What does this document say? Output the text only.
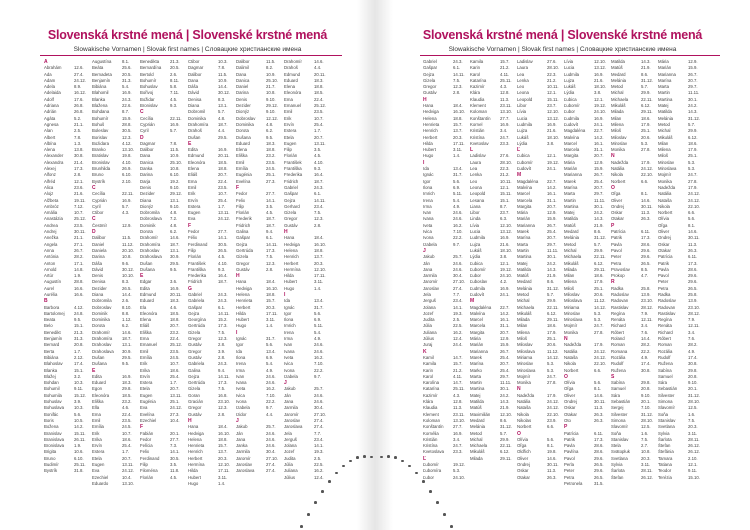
Slovenská krstné mená | Slovenské krstné mená
Slowakische Vornamen | Slovak first names | Словацкие христианские имена
A
Abrahám	12.6.
Ada	27.4.
Adam	24.12.
Adela	8.9.
Adelaida	16.12.
Adolf	17.6.
Adriana	26.8.
Adrián	26.8.
Agáta	5.2.
Agnesa	21.1.
Alan	2.5.
Albert	7.8.
Albína	1.3.
Alena	13.8.
Alexander 30.8.
Alexandra 21.4.
Alexej	17.3.
Alfonz	2.8.
Alfréd	12.1.
Alica	23.6.
Alojz	21.6.
Alžbeta	19.11.
Ambróz	7.12.
Amália	10.7.
Anastázia	25.12.
Andrea	23.5.
Andrej	30.11.
Anežka	21.1.
Angela	27.1.
Anna	26.7.
Antónia	28.2.
Anton	17.1.
Arnold	14.8.
Artúr	1.9.
Augustín	28.8.
Aurel	16.6.
Aurélia	16.6.
B
Barbora	4.12.
Bartolomej 24.8.
Beata	9.5.
Belo	15.1.
Benedikt	21.3.
Benjamín	31.3.
Bernard	20.8.
Berta	1.7.
Bibiána	2.12.
Blahoslav	17.4.
Blanka	15.1.
Blažej	3.2.
Bohdan	10.3.
Bohumil	9.11.
Bohumila	15.12.
Bohuslav	3.9.
Bohuslava 10.3.
Bonifác	5.6.
Boris	10.5.
Božena	14.2.
Branislav	15.11.
Branislava 26.11.
Bronislava 1.9.
Brigita	10.6.
Bruno	6.10.
Budimír	25.11.
Bystrík	31.8.
Augustína 8.1.
Beáta	25.6.
Bernadeta 20.5.
Benjamín	31.3.
Bibiána	5.4.
Blahomil	16.9.
Blanka	24.3.
Blažena	22.6.
Bohdana	8.7.
Bohumír	15.9.
Bohuš	28.8.
Boleslav	30.5.
Borislav	12.3.
Bożidara	4.12.
Branko	13.10.
Bratislav	19.8.
Bronislav	4.10.
Brunhilda	26.9.
Bruno	6.10.
Bystrík	2.10.
C
Cecília	22.11.
Cyprián	16.9.
Cyril	5.7.
Ctibor	4.3.
Č
Čestmír	12.9.
D
Dalibor	11.5.
Daniel	11.12.
Daniela	20.10.
Darina	10.8.
Dáša	9.6.
Dávid	30.12.
Denis	10.10.
Denisa	8.3.
Dezider	26.5.
Diana	14.4.
Dobromila 2.6.
Dobroslav 8.10.
Dominik	8.8.
Dominika	1.12.
Dorota	6.2.
Drahomír	14.6.
Drahomíra 18.7.
Drahoslav 13.1.
Drahoslava 30.9.
Dušan	29.5.
Dušana	9.5.
E
Edita	16.9.
Eduard	18.3.
Egon	29.8.
Eleonóra	18.5.
Eliška	23.2.
Ella	4.6.
Ema	22.4.
Emil	23.5.
Emília	24.5.
Erik	10.7.
Erika	18.6.
Ervín	25.4.
Estera	1.7.
Etela	20.7.
Eugen	13.11.
Eva	24.12.
Ezechiel	10.4.
Eduardo	13.10.
Benedikta	21.3.
Bernardína 20.5.
Bertold	2.6.
Bohumír	8.11.
Bohuslav	5.8.
Bořivoj	7.11.
Božidar	4.5.
Bronislav	9.3.
C
Cecília	22.11.
Cyprián	16.9.
Cyril	5.7.
D
Dagmar	7.8.
Dalibor	11.5.
Dana	10.9.
Danica	25.10.
Danka	10.8.
Darina	6.10.
Darja	19.2.
Denis	9.10.
Dezider	29.12.
Diana	13.1.
Dionýz	9.10.
Dobromila 4.8.
Dobroslava 7.2.
Dominik	4.8.
Dorota	6.2.
Drahomír	14.6.
Drahomíra 18.7.
Drahoslav 13.1.
Drahoslava 30.9.
Dušan	29.5.
Dušana	9.5.
E
Edgar	3.6.
Edita	16.9.
Edmund	20.11.
Eduard	18.3.
Ela	4.6.
Eleonóra	18.5.
Elena	18.8.
Eliáš	20.7.
Eliška	23.2.
Ema	22.4.
Emanuel	25.12.
Emil	23.5.
Emília	24.5.
Erik	10.7.
Erika	18.6.
Ervín	25.4.
Estera	1.7.
Etela	20.7.
Eugen	13.11.
Eugénia	25.1.
Eva	24.12.
Evelína	27.3.
Ezechiel	10.4.
F
Fabián	20.1.
Fedor	27.7.
Felícia	7.3.
Felix	14.1.
Ferdinand 30.5.
Filip	3.5.
Filoména	11.8.
Florián	4.5.
Ctibor	10.3.
Dagmar	7.8.
Dalibor	11.5.
Dana	10.9.
Dáša	14.4.
Dávid	30.12.
Denisa	8.3.
Diana	13.1.
Dobromil	5.7.
Dominika	4.8.
Drahomíra 18.7.
Drahoš	4.4.
Dušan	29.5.
E
Edita	16.9.
Edmund	20.11.
Eleonóra	18.5.
Elena	18.8.
Eliáš	20.7.
Ema	22.4.
Emil	23.5.
Erik	10.7.
Ervín	25.4.
Estera	1.7.
Eugen	13.11.
Eva	24.12.
F
Fedor	27.7.
Félix	14.1.
Ferdinand 30.5.
Filip	26.5.
Florián	4.5.
František	4.10.
Františka	9.3.
Frederika	16.4.
Fridrich	18.7.
G
Gabriel	24.3.
Gabriela	24.3.
Gašpar	6.1.
Gejza	14.11.
Georgína	15.2.
Gertrúda	17.3.
Gizela	7.5.
Gregor	12.3.
Gustáv	2.8.
Gregor	3.9.
Gustáv	2.8.
Gabriela	24.3.
Galina	9.4.
Gejza	14.11.
Gertrúda	17.3.
Gizela	7.5.
Goran	16.8.
Gracián	23.10.
Gregor	12.3.
Gustáv	2.8.
H
Hana	18.4.
Hedviga	16.10.
Helena	18.8.
Henrieta	15.7.
Henrich	13.7.
Herbert	20.3.
Hermína	12.10.
Hilda	17.11.
Hubert	3.11.
Hugo	1.4.
Dalibor	11.5.
Dalimil	8.2.
Dana	10.9.
Danica	25.10.
Daniel	21.7.
Darina	10.8.
Denis	9.10.
Dezider	29.12.
Dionýz	9.10.
Dobroslav 12.12.
Dominika	4.8.
Dorota	6.2.
Dušana	9.5.
Eduard	18.3.
Elena	18.8.
Eliška	23.2.
Emil	23.5.
Emília	24.5.
Eugénia	25.1.
Evelína	27.3.
F
Fedor	27.7.
Felix	14.1.
Filip	3.5.
Florián	4.5.
Frederik	18.7.
Fridrich	18.7.
Galina	9.4.
Gašpar	6.1.
Gejza	14.11.
Gertrúda	17.3.
Gizela	7.5.
Gregor	12.3.
Gustáv	2.8.
H
Hana	18.4.
Hedviga	16.10.
Helena	18.8.
Henrieta	15.7.
Herbert	20.3.
Hilda	17.11.
Hubert	3.11.
Hugo	1.4.
I
Ignác	31.7.
Igor	5.6.
Ida	13.4.
Ilona	6.9.
Irena	5.4.
Irma	4.9.
Ivan	24.6.
Ivana	24.6.
Iveta	16.2.
Ivica	7.10.
Ivona	22.2.
Izabela	9.7.
Izidor	4.4.
J
Jakub	25.7.
Ján	24.6.
Jana	24.6.
Janka	24.6.
Jarmila	30.4.
Jaromír	27.10.
Jaroslav	27.4.
Jaroslava	27.4.
Drahomír	14.6.
Drahoš	4.4.
Edmund	20.11.
Eduard	18.3.
Elena	18.8.
Eleonóra	18.5.
Ema	22.4.
Emanuel	25.12.
Emil	23.5.
Erik	10.7.
Ervín	25.4.
Estera	1.7.
Etela	20.7.
Eugen	13.11.
Filip	3.5.
Florián	4.5.
František	4.10.
Františka	9.3.
Frederika	16.4.
Fridrich	18.7.
Gabriel	24.3.
Gašpar	6.1.
Gejza	14.11.
Gerhard	23.4.
Gizela	7.5.
Gregor	12.3.
Gustáv	2.8.
H
Hana	18.4.
Hedviga	16.10.
Helena	18.8.
Henrich	13.7.
Herbert	20.3.
Hermína	12.10.
Hilda	17.11.
Hubert	3.11.
Hugo	1.4.
I
Ida	13.4.
Ignác	31.7.
Igor	5.6.
Ilona	6.9.
Imrich	5.11.
Irena	5.4.
Irma	4.9.
Ivan	24.6.
Ivana	24.6.
Iveta	16.2.
Ivica	7.10.
Ivona	22.2.
Izabela	9.7.
J
Jakub	25.7.
Ján	24.6.
Jana	24.6.
Jarmila	30.4.
Jaromír	27.10.
Jaroslav	27.4.
Jaroslava	27.4.
Jela	7.7.
Jerguš	23.4.
Jolana	14.1.
Jozef	19.3.
Judita	2.5.
Júlia	22.5.
Juliana	16.2.
Július	12.4.
Slovenská krstné mená | Slovenské krstné mená
Slowakische Vornamen | Slovak first names | Словацкие христианские имена
Gabriel	24.3.
Gašpar	6.1.
Gejza	14.11.
Gizela	7.5.
Gregor	12.3.
Gustáv	2.8.
H
Hana	18.4.
Hedviga	16.10.
Helena	18.8.
Henrieta	15.7.
Henrich	13.7.
Herbert	20.3.
Hilda	17.11.
Hubert	3.11.
Hugo	1.4.
I
Ida	13.4.
Ignác	31.7.
Igor	5.6.
Ilona	6.9.
Imrich	5.11.
Irena	5.4.
Irma	4.9.
Ivan	24.6.
Ivana	24.6.
Iveta	16.2.
Ivica	7.10.
Ivona	22.2.
Izabela	9.7.
J
Jakub	25.7.
Ján	24.6.
Jana	24.6.
Jarmila	30.4.
Jaromír	27.10.
Jaroslav	27.4.
Jela	7.7.
Jerguš	23.4.
Jolana	14.1.
Jozef	19.3.
Judita	2.5.
Júlia	22.5.
Juliana	16.2.
Július	12.4.
Juraj	24.4.
K
Kamil	14.7.
Kamila	15.7.
Karin	21.2.
Karol	4.11.
Karolína	14.7.
Katarína	25.11.
Kazimír	4.3.
Klára	12.8.
Klaudia	11.3.
Klement	23.11.
Koloman	13.10.
Konštantín 27.7.
Kornélia	16.9.
Kristián	3.4.
Kristína	24.7.
Kvetoslava 23.3.
Ľ
Ľubomír	19.12.
Ľubomíra	5.3.
Ľubor	24.10.
Kamila	15.7.
Karin	21.2.
Karol	4.11.
Katarína	25.11.
Kazimír	4.3.
Klára	12.8.
Klaudia	11.3.
Klement	23.11.
Koloman	13.10.
Konštantín 27.7.
Kornel	16.9.
Kristián	3.4.
Kristína	24.7.
Kvetoslav	23.3.
L
Ladislav	27.6.
Laura	28.10.
Lea	22.3.
Lenka	21.2.
Leo	10.11.
Leona	12.1.
Leopold	15.11.
Lesana	15.1.
Liana	8.7.
Libor	23.7.
Linda	6.3.
Lívia	12.10.
Lucia	13.12.
Ludmila	16.9.
Lujza	21.6.
Lukáš	18.10.
Lýdia	3.8.
Ľubica	12.1.
Ľubomír	19.12.
Ľubor	24.10.
Ľuboslav	4.2.
Ľudmila	16.9.
Ľudovít	24.1.
M
Magdaléna 22.7.
Malvína	14.2.
Marcel	16.1.
Marcela	31.1.
Margita	20.7.
Mária	12.9.
Marián	15.9.
Marianna	26.7.
Marek	25.4.
Marína	20.7.
Marko	25.4.
Marta	29.7.
Martin	11.11.
Martina	30.1.
Matej	24.2.
Matilda	14.3.
Matúš	21.9.
Maximilián 12.10.
Medard	8.6.
Melánia	31.12.
Metod	5.7.
Michal	29.9.
Michaela	22.11.
Mikuláš	6.12.
Milada	29.11.
Ladislav	27.6.
Laura	28.10.
Lea	22.3.
Lenka	21.2.
Leo	10.11.
Leona	12.1.
Leopold	15.11.
Libor	23.7.
Lívia	12.10.
Lucia	13.12.
Ludmila	16.9.
Lujza	21.6.
Lukáš	18.10.
Lýdia	3.8.
Ľ
Ľubica	12.1.
Ľubomír	19.12.
Ľudovít	24.1.
M
Magdaléna 22.7.
Malvína	14.2.
Marcel	16.1.
Marcela	31.1.
Margita	20.7.
Mária	12.9.
Marián	15.9.
Marianna	26.7.
Marek	25.4.
Marína	20.7.
Marta	29.7.
Martin	11.11.
Martina	30.1.
Matej	24.2.
Matilda	14.3.
Matúš	21.9.
Medard	8.6.
Melánia	31.12.
Metod	5.7.
Michal	29.9.
Michaela	22.11.
Mikuláš	6.12.
Milada	29.11.
Milan	18.6.
Milena	17.9.
Miloš	25.1.
Miloslav	20.6.
Miloslava	11.12.
Miriama	14.12.
Miroslav	5.3.
Miroslava	5.3.
Mojmír	24.7.
Monika	27.8.
N
Nadežda	17.9.
Natália	24.12.
Nataša	24.12.
Nikola	22.10.
Nikolas	23.9.
Norbert	6.6.
O
Olívia	5.6.
Oľga	8.1.
Oldřich	19.8.
Oliver	14.6.
Ondrej	30.11.
Oskar	11.3.
Otakar	26.3.
Lívia	12.10.
Lucia	13.12.
Ludmila	16.9.
Lujza	21.6.
Lukáš	18.10.
Lýdia	3.8.
Ľubica	12.1.
Ľubomír	19.12.
Ľubor	24.10.
Ľudmila	16.9.
Ľudovít	24.1.
Magdaléna 22.7.
Malvína	14.2.
Marcel	16.1.
Marcela	31.1.
Margita	20.7.
Mária	12.9.
Marián	15.9.
Marianna	26.7.
Marek	25.4.
Marína	20.7.
Marta	29.7.
Martin	11.11.
Martina	30.1.
Matej	24.2.
Matilda	14.3.
Matúš	21.9.
Medard	8.6.
Melánia	31.12.
Metod	5.7.
Michal	29.9.
Michaela	22.11.
Mikuláš	6.12.
Milada	29.11.
Milan	18.6.
Milena	17.9.
Miloš	25.1.
Miloslav	20.6.
Miloslava	11.12.
Miriama	14.12.
Miroslav	5.3.
Miroslava	5.3.
Mojmír	24.7.
Monika	27.8.
N
Nadežda	17.9.
Natália	24.12.
Nataša	24.12.
Nikola	22.10.
Norbert	6.6.
O
Olívia	5.6.
Oľga	8.1.
Oliver	14.6.
Ondrej	30.11.
Oskar	11.3.
Otakar	26.3.
Oto	26.3.
P
Patrícia	6.11.
Patrik	17.3.
Pavla	28.6.
Pavlína	28.6.
Pavol	29.6.
Perla	26.5.
Peter	29.6.
Petra	26.5.
Petronela	31.5.
Matilda	14.3.
Matúš	21.9.
Medard	8.6.
Melánia	31.12.
Metod	5.7.
Michal	29.9.
Michaela	22.11.
Mikuláš	6.12.
Milada	29.11.
Milan	18.6.
Milena	17.9.
Miloš	25.1.
Miloslav	20.6.
Miroslav	5.3.
Monika	27.8.
N
Nadežda	17.9.
Natália	24.12.
Nikola	22.10.
Norbert	6.6.
O
Oľga	8.1.
Oliver	14.6.
Ondrej	30.11.
Oskar	11.3.
Otakar	26.3.
P
Patrícia	6.11.
Patrik	17.3.
Pavla	28.6.
Pavol	29.6.
Peter	29.6.
Petra	26.5.
Pravoslav	8.5.
Prokop	4.7.
R
Radka	25.8.
Radoslav	13.9.
Radovan	23.10.
Rastislav	28.12.
Regína	7.9.
Renáta	12.11.
Richard	3.4.
Róbert	7.6.
Roland	14.4.
Roman	28.2.
Romana	22.2.
Rozália	4.9.
Rudolf	17.4.
Ružena	30.8.
S
Sabína	29.8.
Samuel	20.8.
Sára	9.10.
Sebastián	20.1.
Sergej	7.10.
Silvester	31.12.
Simona	28.10.
Slavomír	12.5.
Soňa	1.6.
Stanislav	7.5.
Stela	2.7.
Svätopluk	10.8.
Svetlana	20.3.
Sylvia	3.11.
Šarlota	28.11.
Štefan	26.12.
Mária	12.9.
Marián	15.9.
Marianna	26.7.
Marína	20.7.
Marta	29.7.
Martin	11.11.
Martina	30.1.
Matej	24.2.
Matilda	14.3.
Melánia	31.12.
Metod	5.7.
Michal	29.9.
Mikuláš	6.12.
Milan	18.6.
Milena	17.9.
Miloš	25.1.
Miroslav	5.3.
Miroslava	5.3.
Mojmír	24.7.
Monika	27.8.
Nadežda	17.9.
Natália	24.12.
Nataša	24.12.
Nikola	22.10.
Norbert	6.6.
Olívia	5.6.
Oľga	8.1.
Oliver	14.6.
Ondrej	30.11.
Oskar	11.3.
Otakar	26.3.
Patrícia	6.11.
Patrik	17.3.
Pavla	28.6.
Pavol	29.6.
Peter	29.6.
Petra	26.5.
Radka	25.8.
Radoslav	13.9.
Radovan	23.10.
Rastislav	28.12.
Regína	7.9.
Renáta	12.11.
Richard	3.4.
Róbert	7.6.
Roman	28.2.
Rozália	4.9.
Rudolf	17.4.
Ružena	30.8.
Sabína	29.8.
Samuel	20.8.
Sára	9.10.
Sebastián	20.1.
Silvester	31.12.
Simona	28.10.
Slavomír	12.5.
Soňa	1.6.
Stanislav	7.5.
Svetlana	20.3.
Sylvia	3.11.
Šarlota	28.11.
Štefan	26.12.
Štefánia	26.12.
Tamara	2.10.
Tatiana	12.1.
Teodor	9.11.
Terézia	15.10.
